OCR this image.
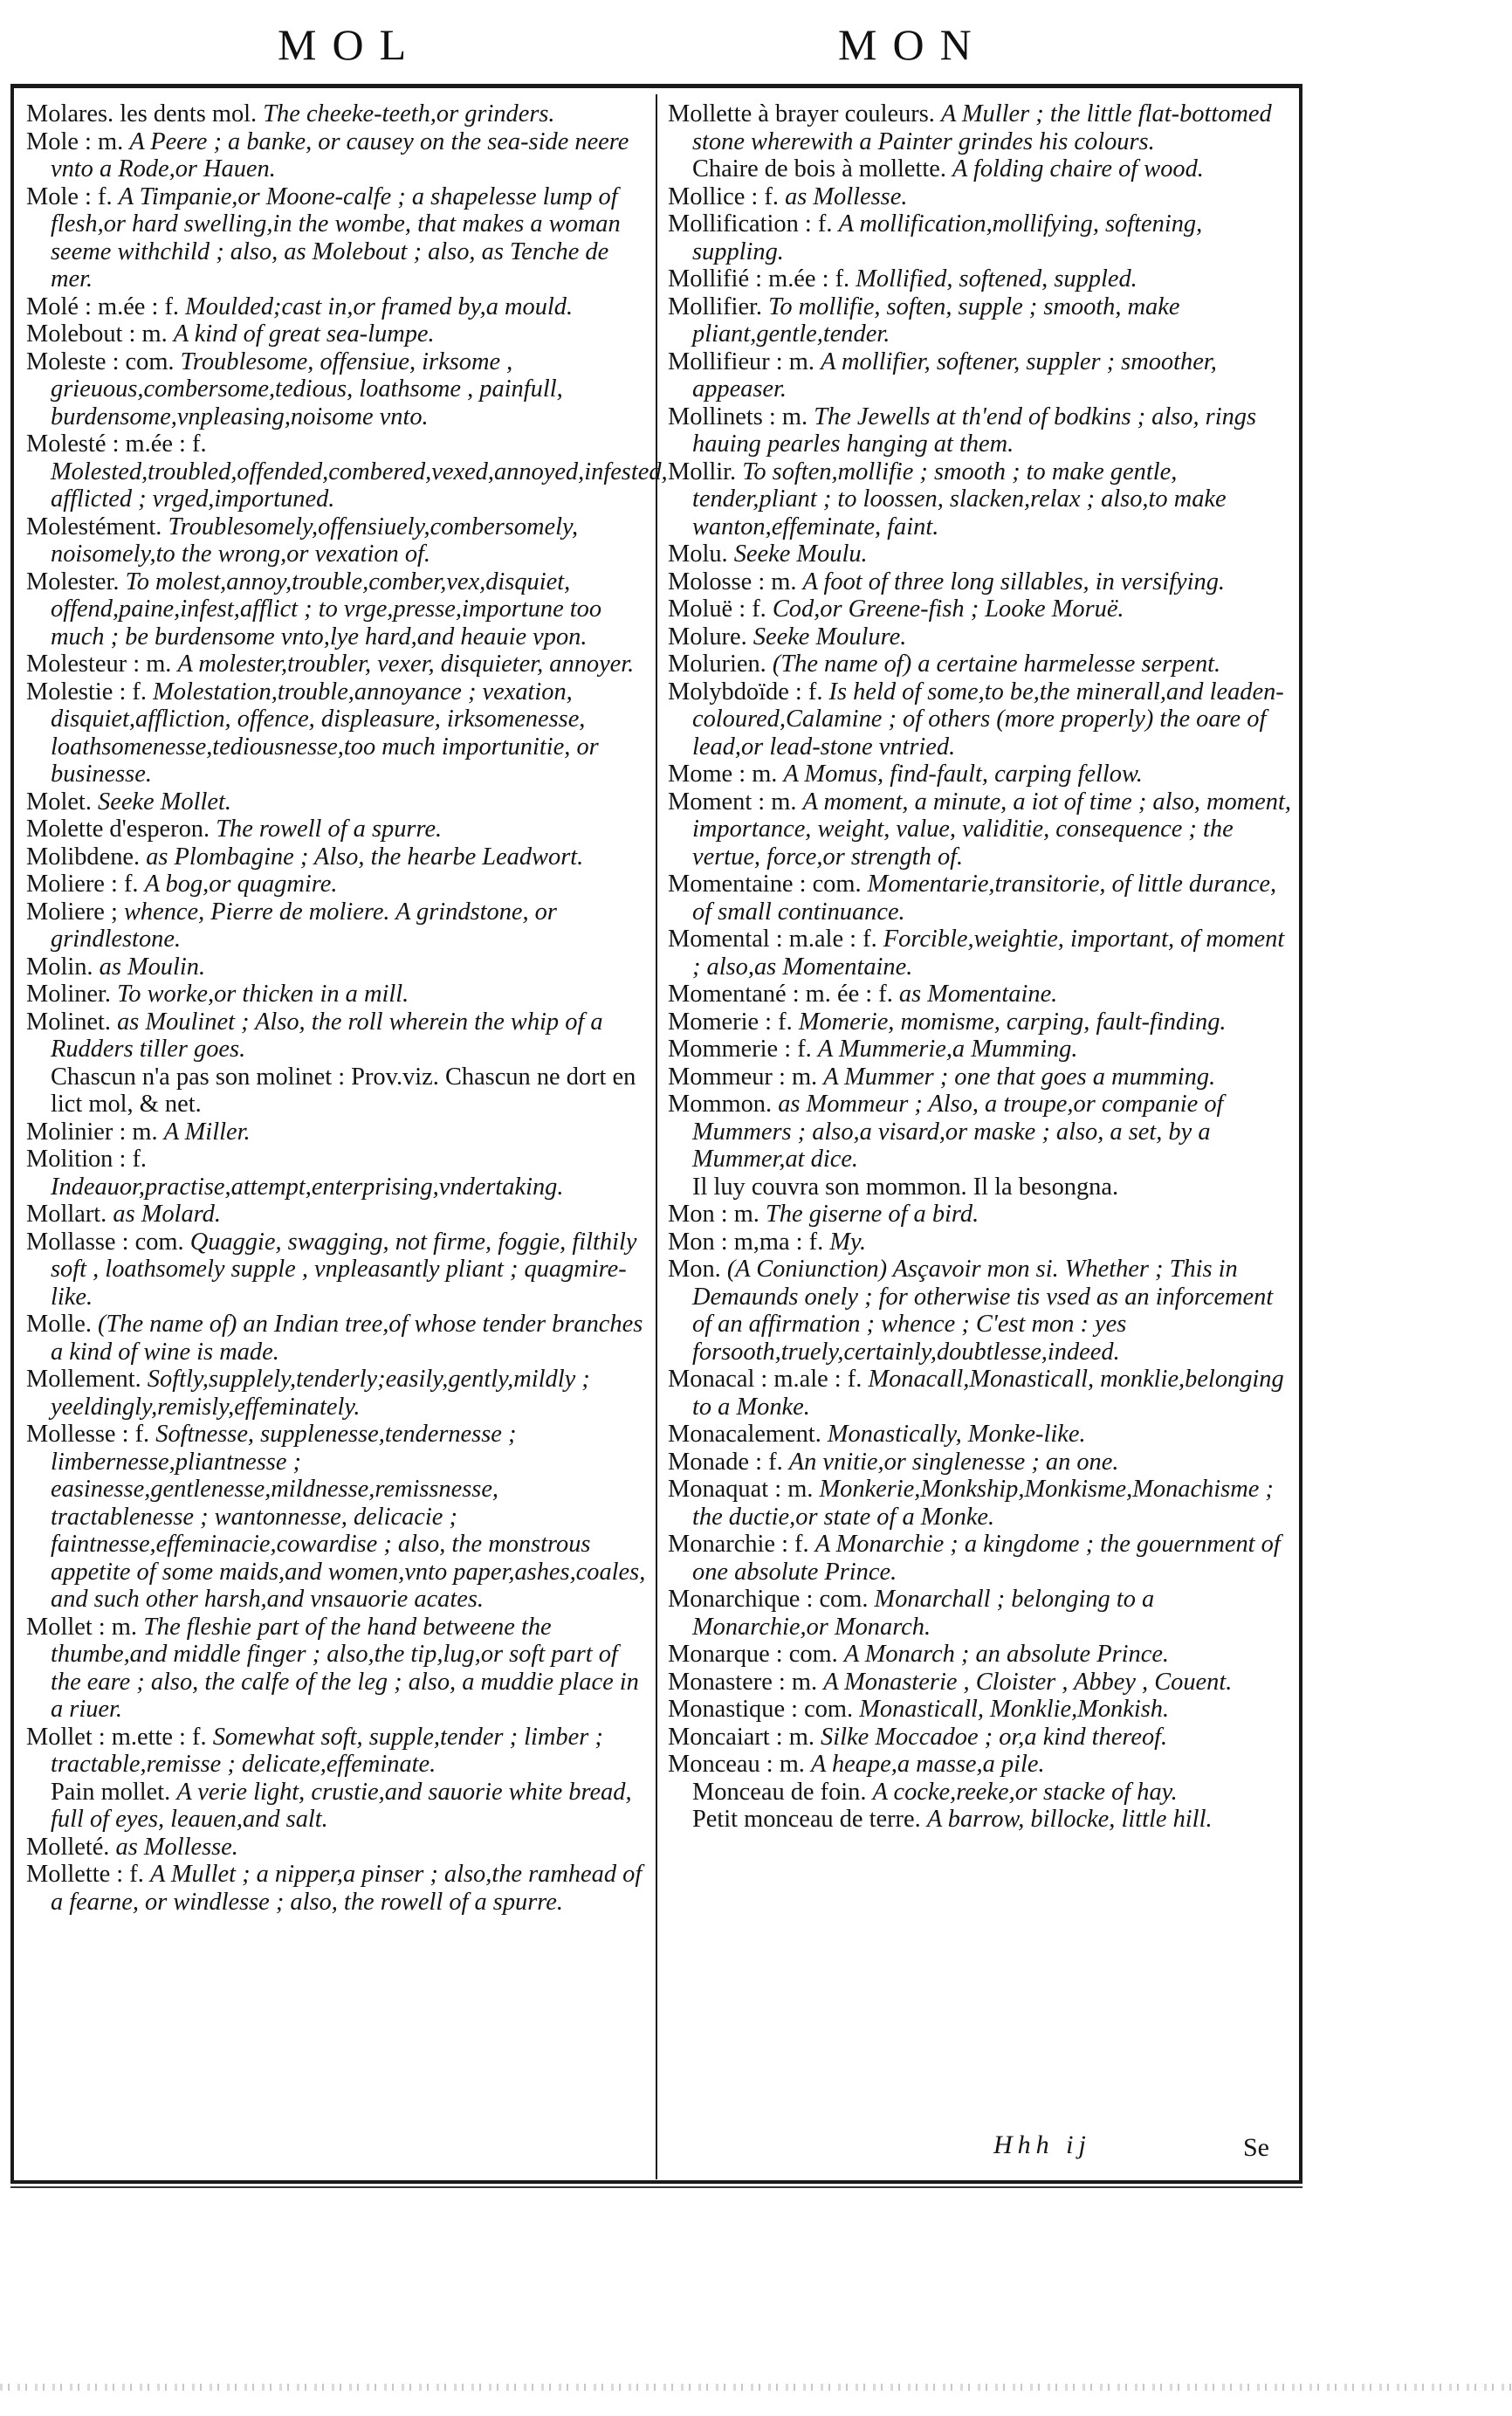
MOL	MON

Molares. les dents mol. The cheeke-teeth,or grinders.

Mole : m. A Peere ; a banke, or causey on the sea-side neere vnto a Rode,or Hauen.

Mole : f. A Timpanie,or Moone-calfe ; a shapelesse lump of flesh,or hard swelling,in the wombe, that makes a woman seeme withchild ; also, as Molebout ; also, as Tenche de mer.

Molé : m.ée : f. Moulded;cast in,or framed by,a mould.

Molebout : m. A kind of great sea-lumpe.

Moleste : com. Troublesome, offensiue, irksome , grieuous,combersome,tedious, loathsome , painfull, burdensome,vnpleasing,noisome vnto.

Molesté : m.ée : f. Molested,troubled,offended,combered,vexed,annoyed,infested, afflicted ; vrged,importuned.

Molestément. Troublesomely,offensiuely,combersomely, noisomely,to the wrong,or vexation of.

Molester. To molest,annoy,trouble,comber,vex,disquiet, offend,paine,infest,afflict ; to vrge,presse,importune too much ; be burdensome vnto,lye hard,and heauie vpon.

Molesteur : m. A molester,troubler, vexer, disquieter, annoyer.

Molestie : f. Molestation,trouble,annoyance ; vexation, disquiet,affliction, offence, displeasure, irksomenesse, loathsomenesse,tediousnesse,too much importunitie, or businesse.

Molet. Seeke Mollet.

Molette d'esperon. The rowell of a spurre.

Molibdene. as Plombagine ; Also, the hearbe Leadwort.

Moliere : f. A bog,or quagmire.

Moliere ; whence, Pierre de moliere. A grindstone, or grindlestone.

Molin. as Moulin.

Moliner. To worke,or thicken in a mill.

Molinet. as Moulinet ; Also, the roll wherein the whip of a Rudders tiller goes.

Chascun n'a pas son molinet : Prov.viz. Chascun ne dort en lict mol, & net.

Molinier : m. A Miller.

Molition : f. Indeauor,practise,attempt,enterprising,vndertaking.

Mollart. as Molard.

Mollasse : com. Quaggie, swagging, not firme, foggie, filthily soft , loathsomely supple , vnpleasantly pliant ; quagmire-like.

Molle. (The name of) an Indian tree,of whose tender branches a kind of wine is made.

Mollement. Softly,supplely,tenderly;easily,gently,mildly ; yeeldingly,remisly,effeminately.

Mollesse : f. Softnesse, supplenesse,tendernesse ; limbernesse,pliantnesse ; easinesse,gentlenesse,mildnesse,remissnesse, tractablenesse ; wantonnesse, delicacie ; faintnesse,effeminacie,cowardise ; also, the monstrous appetite of some maids,and women,vnto paper,ashes,coales, and such other harsh,and vnsauorie acates.

Mollet : m. The fleshie part of the hand betweene the thumbe,and middle finger ; also,the tip,lug,or soft part of the eare ; also, the calfe of the leg ; also, a muddie place in a riuer.

Mollet : m.ette : f. Somewhat soft, supple,tender ; limber ; tractable,remisse ; delicate,effeminate.

Pain mollet. A verie light, crustie,and sauorie white bread, full of eyes, leauen,and salt.

Molleté. as Mollesse.

Mollette : f. A Mullet ; a nipper,a pinser ; also,the ramhead of a fearne, or windlesse ; also, the rowell of a spurre.

Mollette à brayer couleurs. A Muller ; the little flat-bottomed stone wherewith a Painter grindes his colours.

Chaire de bois à mollette. A folding chaire of wood.

Mollice : f. as Mollesse.

Mollification : f. A mollification,mollifying, softening, suppling.

Mollifié : m.ée : f. Mollified, softened, suppled.

Mollifier. To mollifie, soften, supple ; smooth, make pliant,gentle,tender.

Mollifieur : m. A mollifier, softener, suppler ; smoother, appeaser.

Mollinets : m. The Jewells at th'end of bodkins ; also, rings hauing pearles hanging at them.

Mollir. To soften,mollifie ; smooth ; to make gentle, tender,pliant ; to loossen, slacken,relax ; also,to make wanton,effeminate, faint.

Molu. Seeke Moulu.

Molosse : m. A foot of three long sillables, in versifying.

Moluë : f. Cod,or Greene-fish ; Looke Moruë.

Molure. Seeke Moulure.

Molurien. (The name of) a certaine harmelesse serpent.

Molybdoïde : f. Is held of some,to be,the minerall,and leaden-coloured,Calamine ; of others (more properly) the oare of lead,or lead-stone vntried.

Mome : m. A Momus, find-fault, carping fellow.

Moment : m. A moment, a minute, a iot of time ; also, moment, importance, weight, value, validitie, consequence ; the vertue, force,or strength of.

Momentaine : com. Momentarie,transitorie, of little durance, of small continuance.

Momental : m.ale : f. Forcible,weightie, important, of moment ; also,as Momentaine.

Momentané : m. ée : f. as Momentaine.

Momerie : f. Momerie, momisme, carping, fault-finding.

Mommerie : f. A Mummerie,a Mumming.

Mommeur : m. A Mummer ; one that goes a mumming.

Mommon. as Mommeur ; Also, a troupe,or companie of Mummers ; also,a visard,or maske ; also, a set, by a Mummer,at dice.

Il luy couvra son mommon. Il la besongna.

Mon : m. The giserne of a bird.

Mon : m,ma : f. My.

Mon. (A Coniunction) Asçavoir mon si. Whether ; This in Demaunds onely ; for otherwise tis vsed as an inforcement of an affirmation ; whence ; C'est mon : yes forsooth,truely,certainly,doubtlesse,indeed.

Monacal : m.ale : f. Monacall,Monasticall, monklie,belonging to a Monke.

Monacalement. Monastically, Monke-like.

Monade : f. An vnitie,or singlenesse ; an one.

Monaquat : m. Monkerie,Monkship,Monkisme,Monachisme ; the ductie,or state of a Monke.

Monarchie : f. A Monarchie ; a kingdome ; the gouernment of one absolute Prince.

Monarchique : com. Monarchall ; belonging to a Monarchie,or Monarch.

Monarque : com. A Monarch ; an absolute Prince.

Monastere : m. A Monasterie , Cloister , Abbey , Couent.

Monastique : com. Monasticall, Monklie,Monkish.

Moncaiart : m. Silke Moccadoe ; or,a kind thereof.

Monceau : m. A heape,a masse,a pile.

Monceau de foin. A cocke,reeke,or stacke of hay.

Petit monceau de terre. A barrow, billocke, little hill.

Hhh ij	Se
